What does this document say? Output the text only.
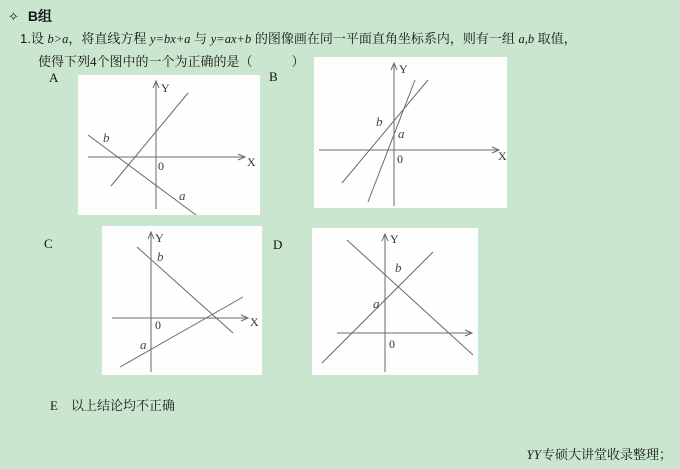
✧ B组
1.设 b>a，将直线方程 y=bx+a 与 y=ax+b 的图像画在同一平面直角坐标系内，则有一组 a,b 取值，
使得下列4个图中的一个为正确的是（　　　）
A	B
C	D
Y
X
0
b
a
Y
X
0
b
a
Y
X
0
b
a
Y
0
b
a
E 以上结论均不正确
YY专硕大讲堂收录整理；
